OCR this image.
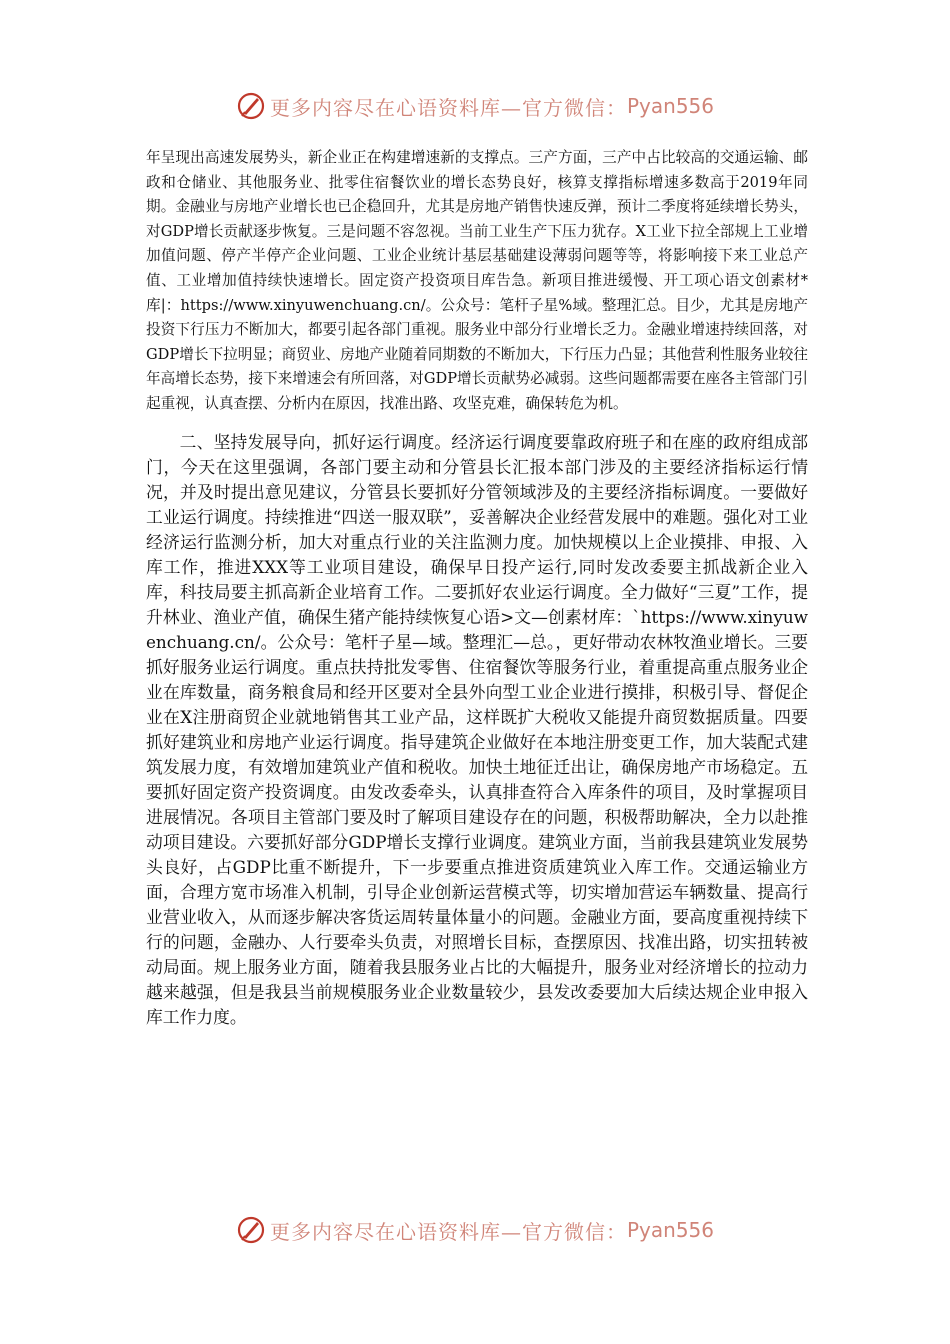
更多内容尽在心语资料库—官方微信： Pyan556

年呈现出高速发展势头，新企业正在构建增速新的支撑点。三产方面，三产中占比较高的交通运输、邮政和仓储业、其他服务业、批零住宿餐饮业的增长态势良好，核算支撑指标增速多数高于2019年同期。金融业与房地产业增长也已企稳回升，尤其是房地产销售快速反弹，预计二季度将延续增长势头，对GDP增长贡献逐步恢复。三是问题不容忽视。当前工业生产下压力犹存。X工业下拉全部规上工业增加值问题、停产半停产企业问题、工业企业统计基层基础建设薄弱问题等等，将影响接下来工业总产值、工业增加值持续快速增长。固定资产投资项目库告急。新项目推进缓慢、开工项心语文创素材*库|：https://www.xinyuwenchuang.cn/。公众号：笔杆子星%域。整理汇总。目少，尤其是房地产投资下行压力不断加大，都要引起各部门重视。服务业中部分行业增长乏力。金融业增速持续回落，对GDP增长下拉明显；商贸业、房地产业随着同期数的不断加大，下行压力凸显；其他营利性服务业较往年高增长态势，接下来增速会有所回落，对GDP增长贡献势必减弱。这些问题都需要在座各主管部门引起重视，认真查摆、分析内在原因，找准出路、攻坚克难，确保转危为机。

二、坚持发展导向，抓好运行调度。经济运行调度要靠政府班子和在座的政府组成部门，今天在这里强调，各部门要主动和分管县长汇报本部门涉及的主要经济指标运行情况，并及时提出意见建议，分管县长要抓好分管领域涉及的主要经济指标调度。一要做好工业运行调度。持续推进“四送一服双联”，妥善解决企业经营发展中的难题。强化对工业经济运行监测分析，加大对重点行业的关注监测力度。加快规模以上企业摸排、申报、入库工作，推进XXX等工业项目建设，确保早日投产运行,同时发改委要主抓战新企业入库，科技局要主抓高新企业培育工作。二要抓好农业运行调度。全力做好“三夏”工作，提升林业、渔业产值，确保生猪产能持续恢复心语>文—创素材库：`https://www.xinyuwenchuang.cn/。公众号：笔杆子星—域。整理汇—总。，更好带动农林牧渔业增长。三要抓好服务业运行调度。重点扶持批发零售、住宿餐饮等服务行业，着重提高重点服务业企业在库数量，商务粮食局和经开区要对全县外向型工业企业进行摸排，积极引导、督促企业在X注册商贸企业就地销售其工业产品，这样既扩大税收又能提升商贸数据质量。四要抓好建筑业和房地产业运行调度。指导建筑企业做好在本地注册变更工作，加大装配式建筑发展力度，有效增加建筑业产值和税收。加快土地征迁出让，确保房地产市场稳定。五要抓好固定资产投资调度。由发改委牵头，认真排查符合入库条件的项目，及时掌握项目进展情况。各项目主管部门要及时了解项目建设存在的问题，积极帮助解决，全力以赴推动项目建设。六要抓好部分GDP增长支撑行业调度。建筑业方面，当前我县建筑业发展势头良好，占GDP比重不断提升，下一步要重点推进资质建筑业入库工作。交通运输业方面，合理方宽市场准入机制，引导企业创新运营模式等，切实增加营运车辆数量、提高行业营业收入，从而逐步解决客货运周转量体量小的问题。金融业方面，要高度重视持续下行的问题，金融办、人行要牵头负责，对照增长目标，查摆原因、找准出路，切实扭转被动局面。规上服务业方面，随着我县服务业占比的大幅提升，服务业对经济增长的拉动力越来越强，但是我县当前规模服务业企业数量较少，县发改委要加大后续达规企业申报入库工作力度。

更多内容尽在心语资料库—官方微信： Pyan556
